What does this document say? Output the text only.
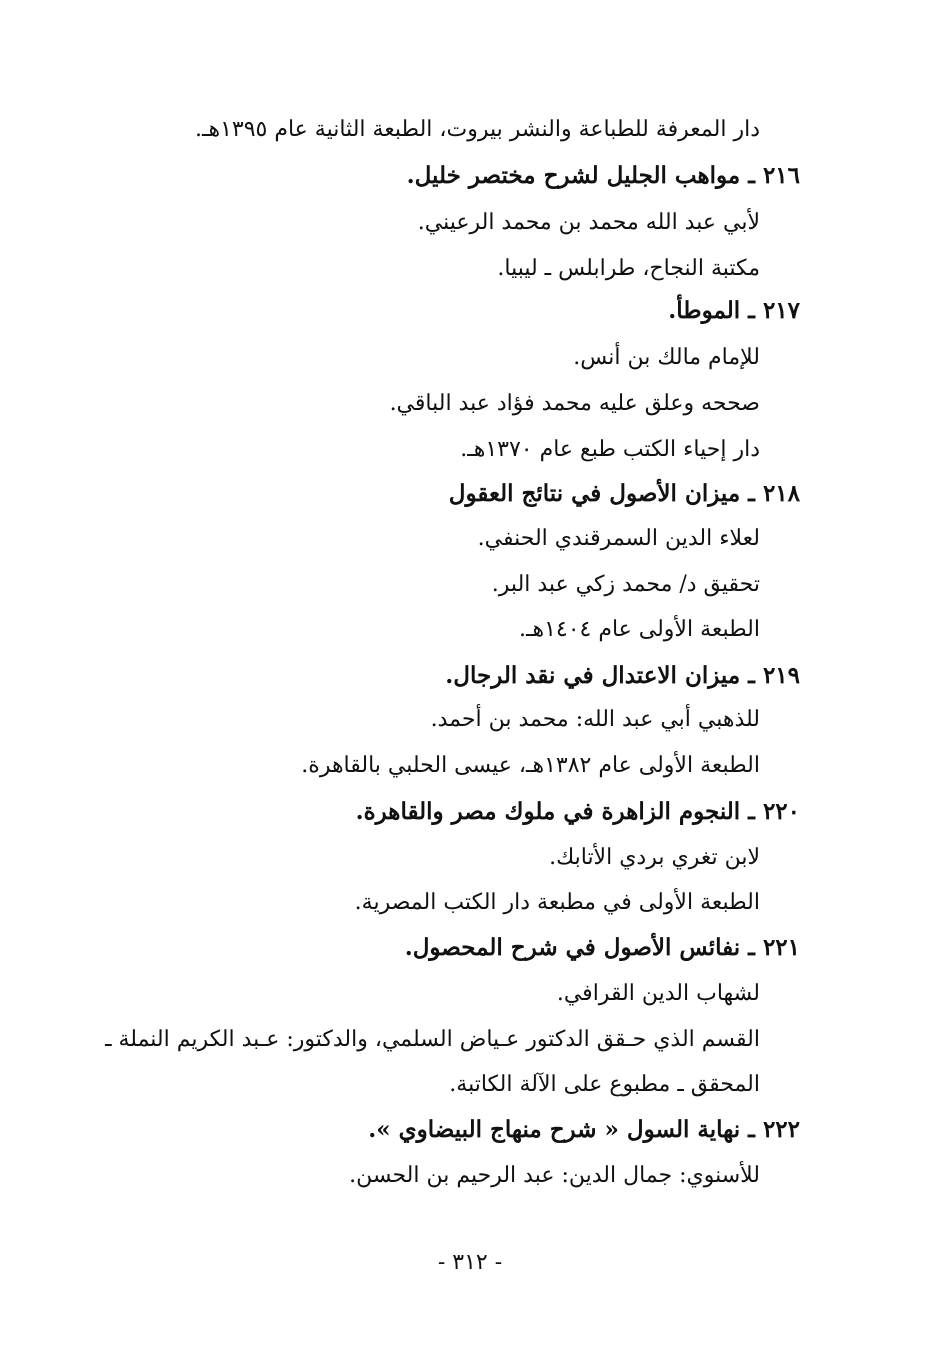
دار المعرفة للطباعة والنشر بيروت، الطبعة الثانية عام ١٣٩٥هـ.
٢١٦ ـ مواهب الجليل لشرح مختصر خليل.
لأبي عبد الله محمد بن محمد الرعيني.
مكتبة النجاح، طرابلس ـ ليبيا.
٢١٧ ـ الموطأ.
للإمام مالك بن أنس.
صححه وعلق عليه محمد فؤاد عبد الباقي.
دار إحياء الكتب طبع عام ١٣٧٠هـ.
٢١٨ ـ ميزان الأصول في نتائج العقول
لعلاء الدين السمرقندي الحنفي.
تحقيق د/ محمد زكي عبد البر.
الطبعة الأولى عام ١٤٠٤هـ.
٢١٩ ـ ميزان الاعتدال في نقد الرجال.
للذهبي أبي عبد الله: محمد بن أحمد.
الطبعة الأولى عام ١٣٨٢هـ، عيسى الحلبي بالقاهرة.
٢٢٠ ـ النجوم الزاهرة في ملوك مصر والقاهرة.
لابن تغري بردي الأتابك.
الطبعة الأولى في مطبعة دار الكتب المصرية.
٢٢١ ـ نفائس الأصول في شرح المحصول.
لشهاب الدين القرافي.
القسم الذي حـقق الدكتور عـياض السلمي، والدكتور: عـبد الكريم النملة ـ
المحقق ـ مطبوع على الآلة الكاتبة.
٢٢٢ ـ نهاية السول « شرح منهاج البيضاوي ».
للأسنوي: جمال الدين: عبد الرحيم بن الحسن.
- ٣١٢ -
